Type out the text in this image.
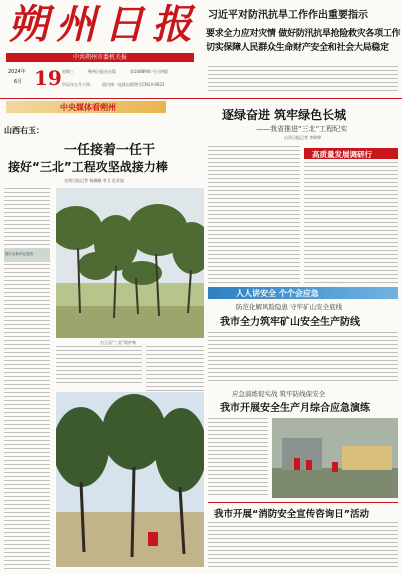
朔州日报
中共朔州市委机关报
2024年
6月 19 星期三
甲辰年五月十四
朔州日报社出版	第10889期 今日四版
国内统一连续出版物号CN14-0031
习近平对防汛抗旱工作作出重要指示
要求全力应对灾情 做好防汛抗旱抢险救灾各项工作
切实保障人民群众生命财产安全和社会大局稳定
中央媒体看朔州
山西右玉：
一任接着一任干
接好“三北”工程攻坚战接力棒
光明日报记者 杨珊珊 李卫 范亚旭
图片由新华社提供
右玉县“三北”防护林
逐绿奋进 筑牢绿色长城
——我省推进“三北”工程纪实
山西日报记者 李婷婷
高质量发展调研行
人人讲安全 个个会应急
防范化解风险隐患 守牢矿山安全底线
我市全力筑牢矿山安全生产防线
应急演练促实战 筑牢防线保安全
我市开展安全生产月综合应急演练
我市开展“消防安全宣传咨询日”活动
